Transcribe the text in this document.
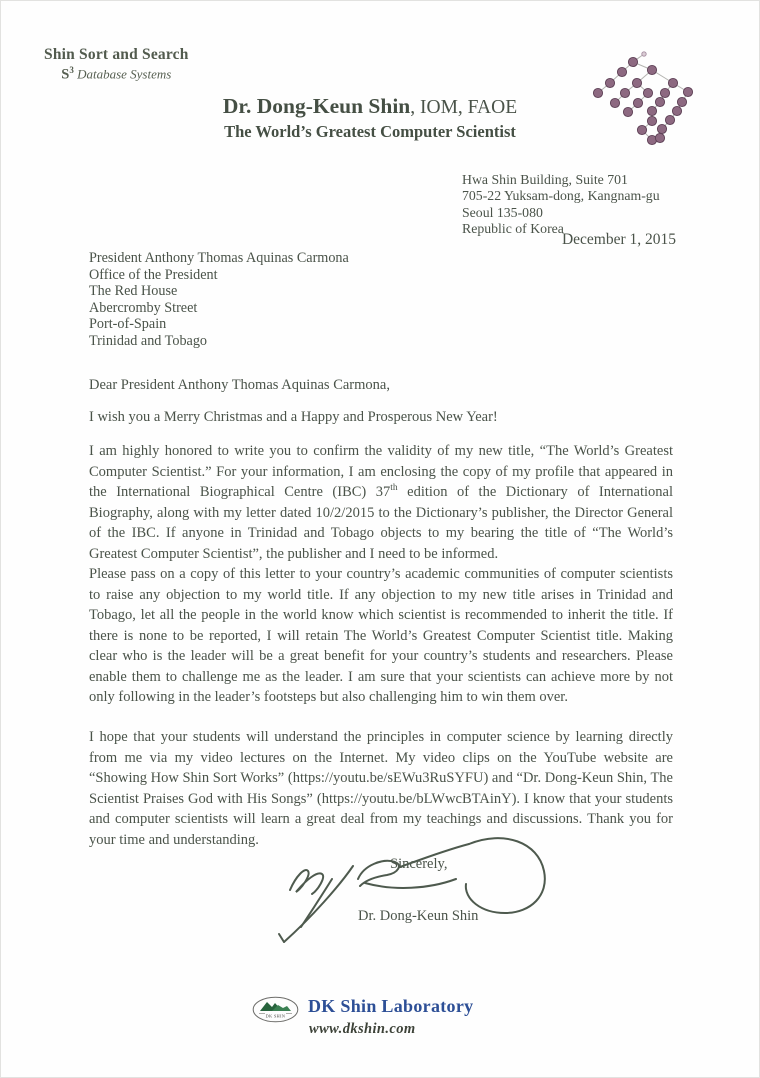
Shin Sort and Search
$S^3$ Database Systems
Dr. Dong-Keun Shin, IOM, FAOE
The World’s Greatest Computer Scientist
Hwa Shin Building, Suite 701
705-22 Yuksam-dong, Kangnam-gu
Seoul 135-080
Republic of Korea
December 1, 2015
President Anthony Thomas Aquinas Carmona
Office of the President
The Red House
Abercromby Street
Port-of-Spain
Trinidad and Tobago
Dear President Anthony Thomas Aquinas Carmona,
I wish you a Merry Christmas and a Happy and Prosperous New Year!
I am highly honored to write you to confirm the validity of my new title, “The World’s Greatest Computer Scientist.” For your information, I am enclosing the copy of my profile that appeared in the International Biographical Centre (IBC) 37th edition of the Dictionary of International Biography, along with my letter dated 10/2/2015 to the Dictionary’s publisher, the Director General of the IBC. If anyone in Trinidad and Tobago objects to my bearing the title of “The World’s Greatest Computer Scientist”, the publisher and I need to be informed.
Please pass on a copy of this letter to your country’s academic communities of computer scientists to raise any objection to my world title. If any objection to my new title arises in Trinidad and Tobago, let all the people in the world know which scientist is recommended to inherit the title. If there is none to be reported, I will retain The World’s Greatest Computer Scientist title. Making clear who is the leader will be a great benefit for your country’s students and researchers. Please enable them to challenge me as the leader. I am sure that your scientists can achieve more by not only following in the leader’s footsteps but also challenging him to win them over.
I hope that your students will understand the principles in computer science by learning directly from me via my video lectures on the Internet. My video clips on the YouTube website are “Showing How Shin Sort Works” (https://youtu.be/sEWu3RuSYFU) and “Dr. Dong-Keun Shin, The Scientist Praises God with His Songs” (https://youtu.be/bLWwcBTAinY). I know that your students and computer scientists will learn a great deal from my teachings and discussions. Thank you for your time and understanding.
Sincerely,
Dr. Dong-Keun Shin
DK SHIN DK Shin Laboratory
www.dkshin.com
